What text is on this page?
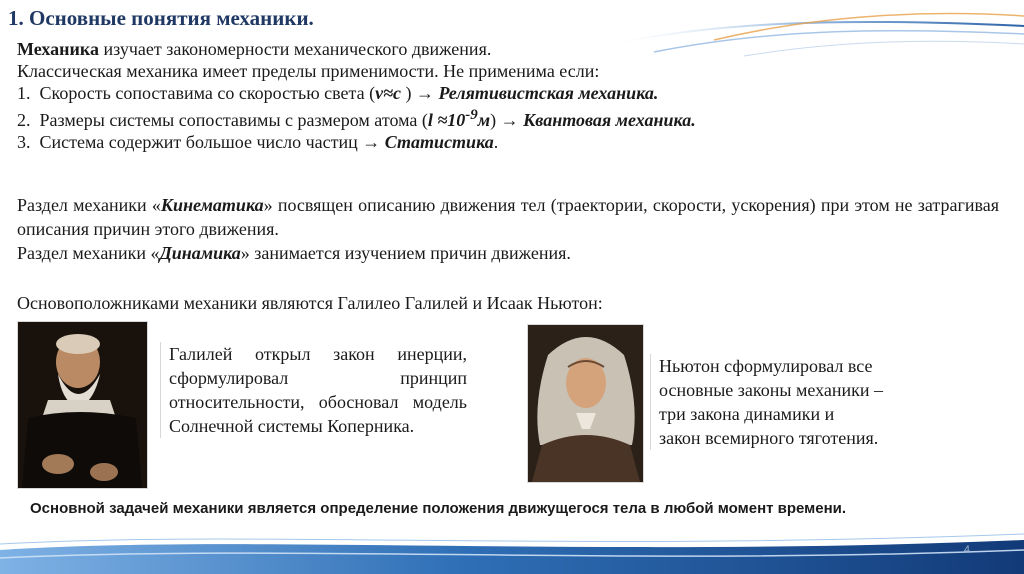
1. Основные понятия механики.

Механика изучает закономерности механического движения.

Классическая механика имеет пределы применимости. Не применима если:

1. Скорость сопоставима со скоростью света (v≈c ) → Релятивистская механика.

2. Размеры системы сопоставимы с размером атома $(l \approx 10^{-9}м)$ → Квантовая механика.

3. Система содержит большое число частиц → Статистика.

Раздел механики «Кинематика» посвящен описанию движения тел (траектории, скорости, ускорения) при этом не затрагивая описания причин этого движения.

Раздел механики «Динамика» занимается изучением причин движения.

Основоположниками механики являются Галилео Галилей и Исаак Ньютон:

Галилей открыл закон инерции, сформулировал принцип относительности, обосновал модель Солнечной системы Коперника.

Ньютон сформулировал все

основные законы механики –

три закона динамики и

закон всемирного тяготения.

Основной задачей механики является определение положения движущегося тела в любой момент времени.
4
